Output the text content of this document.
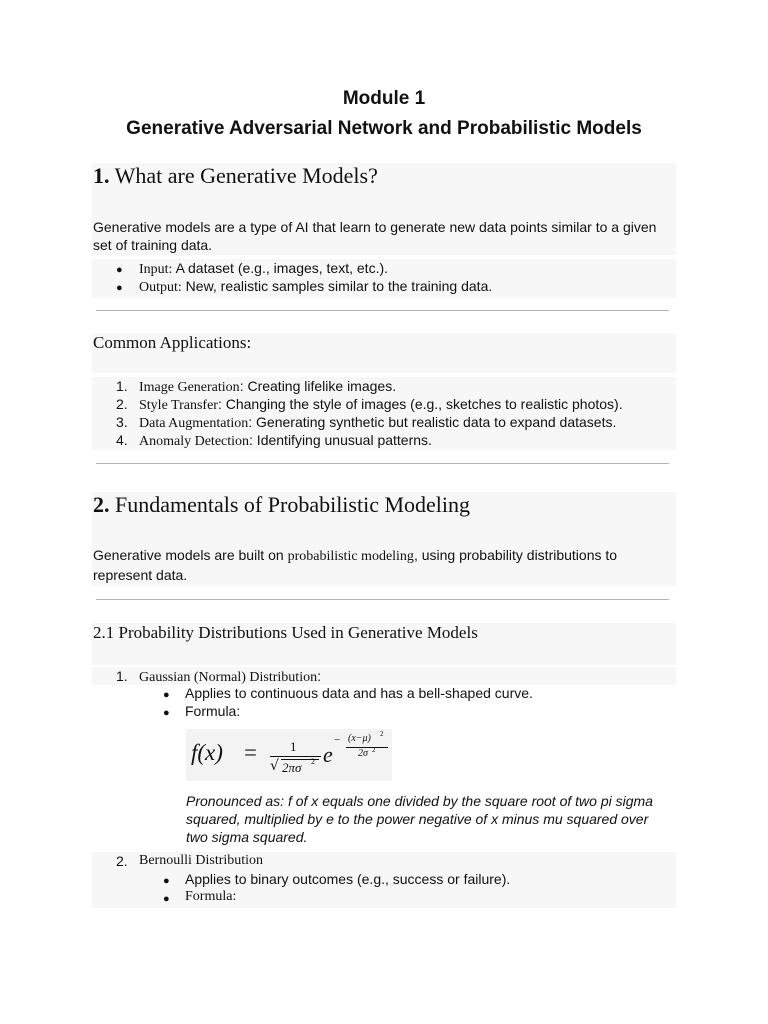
Module 1
Generative Adversarial Network and Probabilistic Models
1. What are Generative Models?
Generative models are a type of AI that learn to generate new data points similar to a given
set of training data.
● Input: A dataset (e.g., images, text, etc.).
● Output: New, realistic samples similar to the training data.
Common Applications:
1. Image Generation: Creating lifelike images.
2. Style Transfer: Changing the style of images (e.g., sketches to realistic photos).
3. Data Augmentation: Generating synthetic but realistic data to expand datasets.
4. Anomaly Detection: Identifying unusual patterns.
2. Fundamentals of Probabilistic Modeling
Generative models are built on probabilistic modeling, using probability distributions to
represent data.
2.1 Probability Distributions Used in Generative Models
1. Gaussian (Normal) Distribution:
● Applies to continuous data and has a bell-shaped curve.
● Formula:
f(x) =	1
√ 2πσ 2 e
− (x−μ) 2
2σ 2
Pronounced as: f of x equals one divided by the square root of two pi sigma
squared, multiplied by e to the power negative of x minus mu squared over
two sigma squared.
2. Bernoulli Distribution
● Applies to binary outcomes (e.g., success or failure).
● Formula:
